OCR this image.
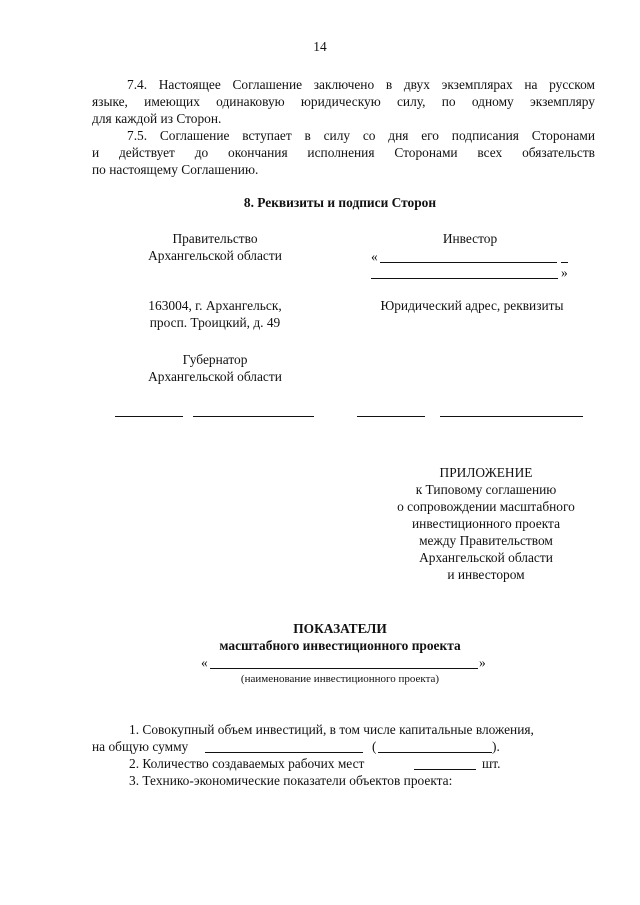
14
7.4. Настоящее Соглашение заключено в двух экземплярах на русском
языке, имеющих одинаковую юридическую силу, по одному экземпляру
для каждой из Сторон.
7.5. Соглашение вступает в силу со дня его подписания Сторонами
и действует до окончания исполнения Сторонами всех обязательств
по настоящему Соглашению.
8. Реквизиты и подписи Сторон
Правительство
Архангельской области
163004, г. Архангельск,
просп. Троицкий, д. 49
Губернатор
Архангельской области
Инвестор
«
»
Юридический адрес, реквизиты
ПРИЛОЖЕНИЕ
к Типовому соглашению
о сопровождении масштабного
инвестиционного проекта
между Правительством
Архангельской области
и инвестором
ПОКАЗАТЕЛИ
масштабного инвестиционного проекта
«	»
(наименование инвестиционного проекта)
1. Совокупный объем инвестиций, в том числе капитальные вложения,
на общую сумму	(	).
2. Количество создаваемых рабочих мест	шт.
3. Технико-экономические показатели объектов проекта:
